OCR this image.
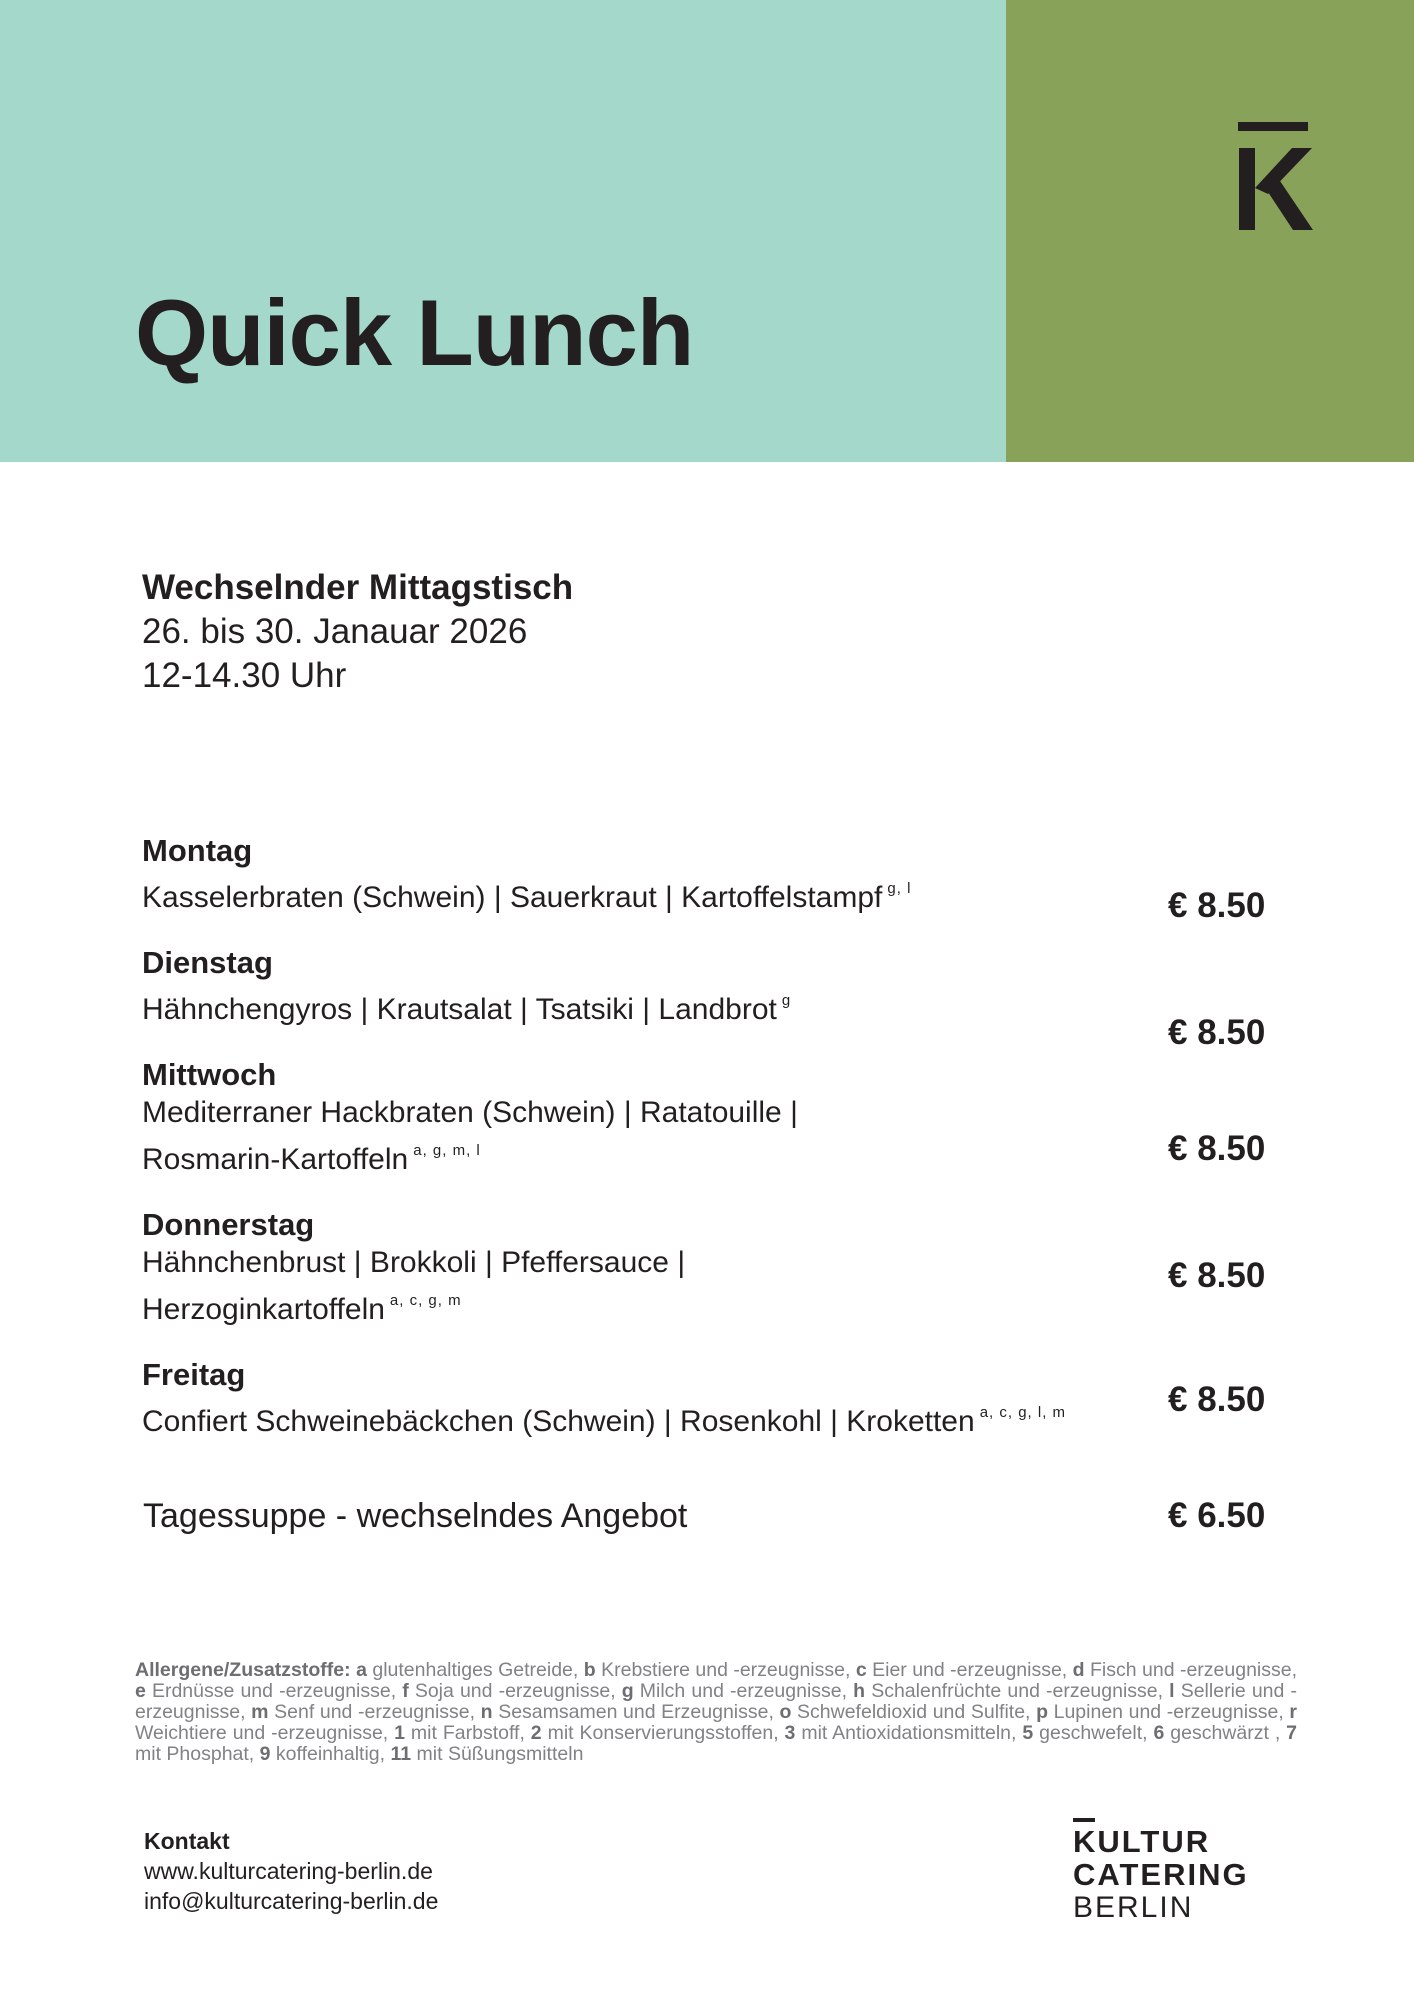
Quick Lunch
Wechselnder Mittagstisch
26. bis 30. Janauar 2026
12-14.30 Uhr
Montag
Kasselerbraten (Schwein) | Sauerkraut | Kartoffelstampf $^{g, l}$	€ 8.50
Dienstag
Hähnchengyros | Krautsalat | Tsatsiki | Landbrot $^g$
€ 8.50
Mittwoch
Mediterraner Hackbraten (Schwein) | Ratatouille |
Rosmarin-Kartoffeln $^{a, g, m, l}$	€ 8.50
Donnerstag
Hähnchenbrust | Brokkoli | Pfeffersauce |
Herzoginkartoffeln $^{a, c, g, m}$
€ 8.50
Freitag
Confiert Schweinebäckchen (Schwein) | Rosenkohl | Kroketten $^{a, c, g, l, m}$	€ 8.50
Tagessuppe - wechselndes Angebot	€ 6.50
Allergene/Zusatzstoffe: a glutenhaltiges Getreide, b Krebstiere und -erzeugnisse, c Eier und -erzeugnisse, d Fisch und -erzeugnisse, e Erdnüsse und -erzeugnisse, f Soja und -erzeugnisse, g Milch und -erzeugnisse, h Schalenfrüchte und -erzeugnisse, l Sellerie und -erzeugnisse, m Senf und -erzeugnisse, n Sesamsamen und Erzeugnisse, o Schwefeldioxid und Sulfite, p Lupinen und -erzeugnisse, r Weichtiere und -erzeugnisse, 1 mit Farbstoff, 2 mit Konservierungsstoffen, 3 mit Antioxidationsmitteln, 5 geschwefelt, 6 geschwärzt , 7 mit Phosphat, 9 koffeinhaltig, 11 mit Süßungsmitteln
Kontakt
www.kulturcatering-berlin.de
info@kulturcatering-berlin.de
KULTUR
CATERING
BERLIN
